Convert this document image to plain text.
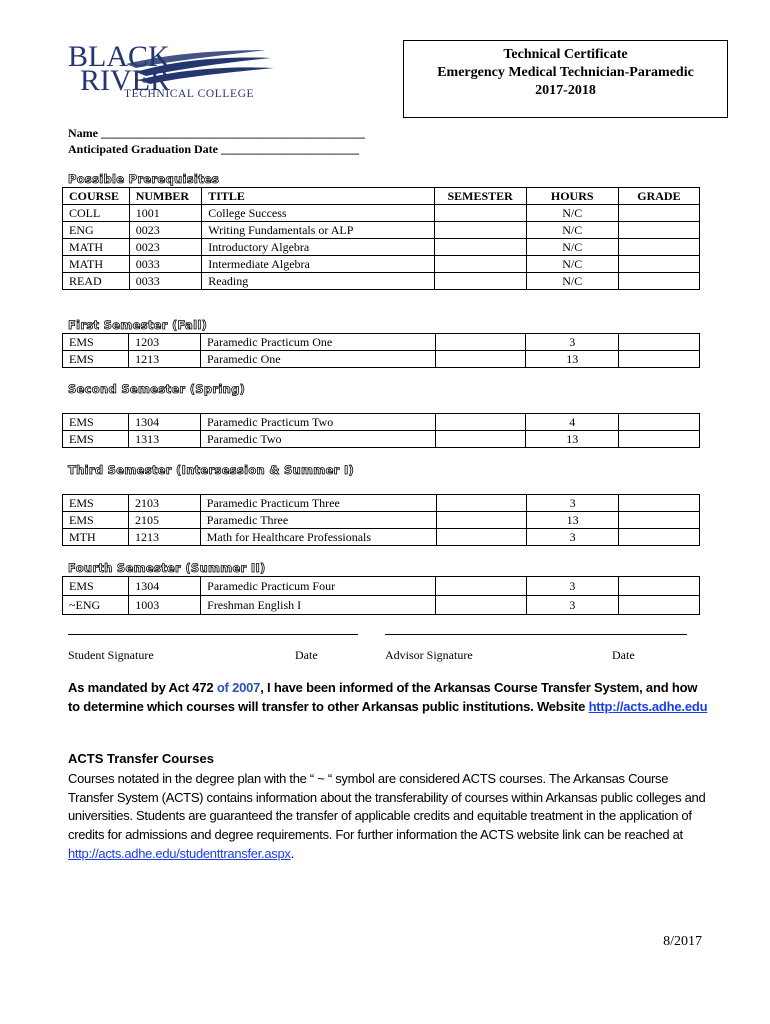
BLACK
RIVER
TECHNICAL COLLEGE
Technical Certificate
Emergency Medical Technician-Paramedic
2017-2018
Name ____________________________________________
Anticipated Graduation Date _______________________
Possible Prerequisites
COURSE	NUMBER	TITLE	SEMESTER	HOURS	GRADE
COLL	1001	College Success		N/C	
ENG	0023	Writing Fundamentals or ALP		N/C	
MATH	0023	Introductory Algebra		N/C	
MATH	0033	Intermediate Algebra		N/C	
READ	0033	Reading		N/C	
First Semester (Fall)
EMS	1203	Paramedic Practicum One		3	
EMS	1213	Paramedic One		13	
Second Semester (Spring)
EMS	1304	Paramedic Practicum Two		4	
EMS	1313	Paramedic Two		13	
Third Semester (Intersession & Summer I)
EMS	2103	Paramedic Practicum Three		3	
EMS	2105	Paramedic Three		13	
MTH	1213	Math for Healthcare Professionals		3	
Fourth Semester (Summer II)
EMS	1304	Paramedic Practicum Four		3	
~ENG	1003	Freshman English I		3	
Student Signature	Date	Advisor Signature	Date
As mandated by Act 472 of 2007, I have been informed of the Arkansas Course Transfer System, and how to determine which courses will transfer to other Arkansas public institutions. Website http://acts.adhe.edu
ACTS Transfer Courses
Courses notated in the degree plan with the “ ~ “ symbol are considered ACTS courses. The Arkansas Course Transfer System (ACTS) contains information about the transferability of courses within Arkansas public colleges and universities. Students are guaranteed the transfer of applicable credits and equitable treatment in the application of credits for admissions and degree requirements. For further information the ACTS website link can be reached at http://acts.adhe.edu/studenttransfer.aspx.
8/2017
